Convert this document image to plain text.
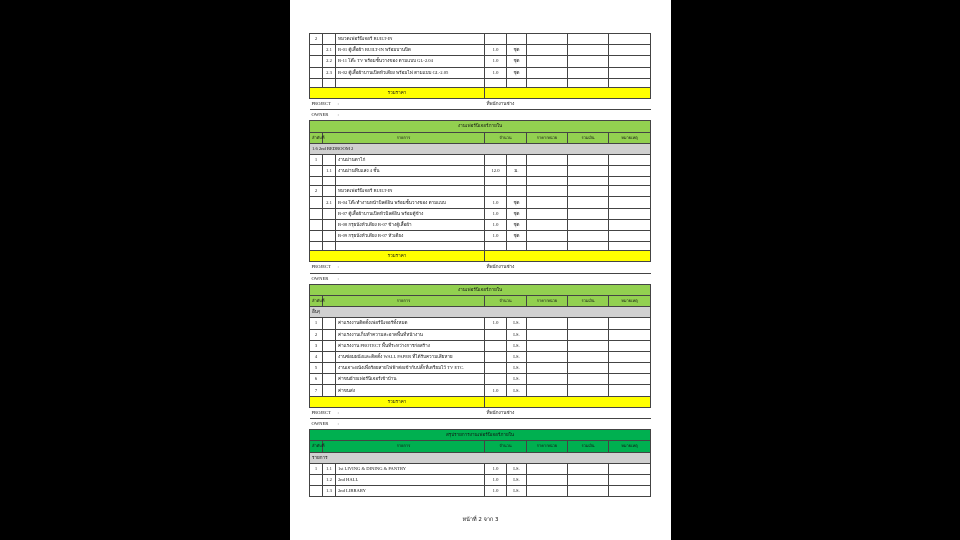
2		หมวดเฟอร์นิเจอร์ BUILT-IN					
	2.1	B-01 ตู้เสื้อผ้า BUILT-IN พร้อมบานปิด	1.0	ชุด			
	2.2	B-11 โต๊ะ TV พร้อมชั้นวางของ ตามแบบ GL-2.04	1.0	ชุด			
	2.3	B-02 ตู้เสื้อผ้าบานเปิดหัวเตียง พร้อมไฟ ตามแบบ GL-2.05	1.0	ชุด			

รวมราคา							
PROJECT		:	ที่พนักงานช่าง				
OWNER		:					
งานเฟอร์นิเจอร์ภายใน							
ลำดับที่	รายการ		จำนวน		ราคา/หน่วย	รวมเงิน	หมายเหตุ
1.6 2nd BEDROOM 2							
1		งานม่านตาไก่					
	1.1	งานม่านทึบแสง 4 ชั้น	12.0	ม.			

2		หมวดเฟอร์นิเจอร์ BUILT-IN					
	2.1	B-04 โต๊ะทำงานหน้าบิลต์อิน พร้อมชั้นวางของ ตามแบบ	1.0	ชุด			
		B-07 ตู้เสื้อผ้าบานเปิดหัวบิลต์อิน พร้อมตู้ข้าง	1.0	ชุด			
		B-08 กรุผนังหัวเตียง B-07 ข้างตู้เสื้อผ้า	1.0	ชุด			
		B-09 กรุผนังหัวเตียง B-07 หัวเตียง	1.0	ชุด			

รวมราคา							
PROJECT		:	ที่พนักงานช่าง				
OWNER		:					
งานเฟอร์นิเจอร์ภายใน							
ลำดับที่	รายการ		จำนวน		ราคา/หน่วย	รวมเงิน	หมายเหตุ
อื่นๆ							
1		ค่าแรงงานติดตั้งเฟอร์นิเจอร์ทั้งหมด	1.0	LS.			
2		ค่าแรงงานเก็บทำความสะอาดพื้นที่หน้างาน		LS.			
3		ค่าแรงงาน PROTECT พื้นที่ระหว่างการก่อสร้าง		LS.			
4		งานซ่อมผนังและติดตั้ง WALL PAPER ที่ได้รับความเสียหาย		LS.			
5		งานเจาะผนังเพื่อร้อยสายไฟฟ้าต่อเข้ากับปลั๊กที่เตรียมไว้ TV ETC.		LS.			
6		ค่าขนย้ายเฟอร์นิเจอร์เข้าบ้าน		LS.			
7		ค่าขนส่ง	1.0	LS.			
รวมราคา							
PROJECT		:	ที่พนักงานช่าง				
OWNER		:					
สรุปรายการงานเฟอร์นิเจอร์ภายใน							
ลำดับที่	รายการ		จำนวน		ราคา/หน่วย	รวมเงิน	หมายเหตุ
รายการ							
1	1.1	1st LIVING & DINING & PANTRY	1.0	LS.			
	1.2	2nd HALL	1.0	LS.			
	1.3	2nd LIBRARY	1.0	LS.			
หน้าที่ 2 จาก 3
